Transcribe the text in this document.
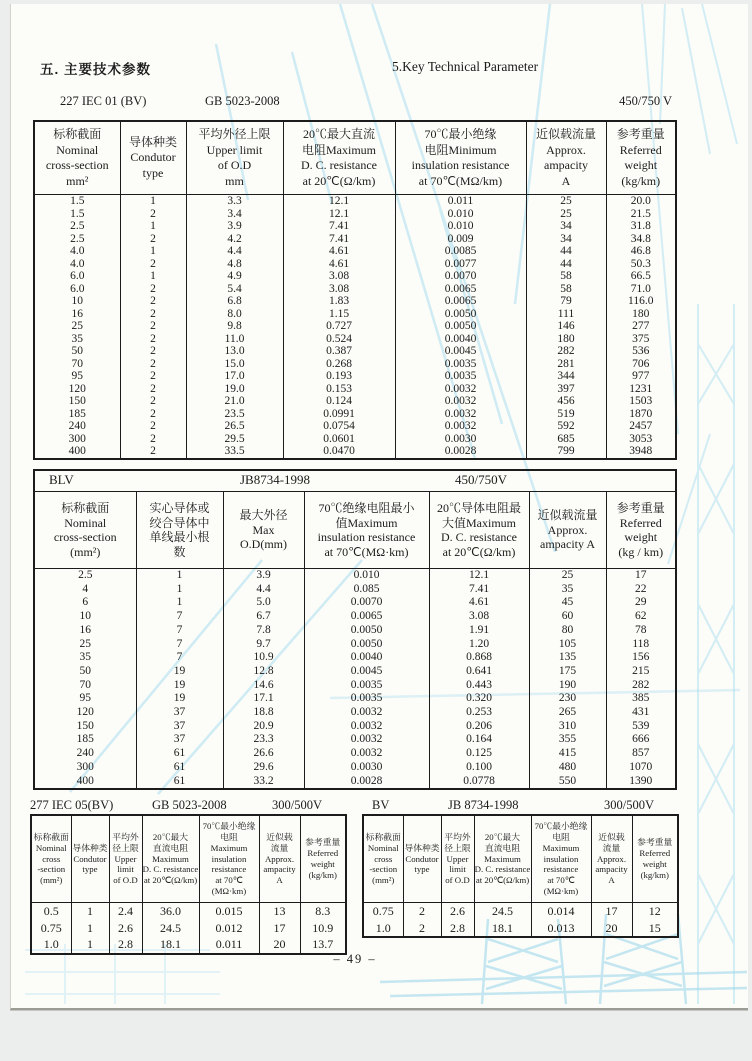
五. 主要技术参数	5.Key Technical Parameter
227 IEC 01 (BV)	GB 5023-2008	450/750 V
标称截面
Nominal
cross-section
mm²	导体种类
Condutor
type	平均外径上限
Upper limit
of O.D
mm	20℃最大直流
电阻Maximum
D. C. resistance
at 20℃(Ω/km)	70℃最小绝缘
电阻Minimum
insulation resistance
at 70℃(MΩ/km)	近似载流量
Approx.
ampacity
A	参考重量
Referred
weight
(kg/km)
1.5	1	3.3	12.1	0.011	25	20.0
1.5	2	3.4	12.1	0.010	25	21.5
2.5	1	3.9	7.41	0.010	34	31.8
2.5	2	4.2	7.41	0.009	34	34.8
4.0	1	4.4	4.61	0.0085	44	46.8
4.0	2	4.8	4.61	0.0077	44	50.3
6.0	1	4.9	3.08	0.0070	58	66.5
6.0	2	5.4	3.08	0.0065	58	71.0
10	2	6.8	1.83	0.0065	79	116.0
16	2	8.0	1.15	0.0050	111	180
25	2	9.8	0.727	0.0050	146	277
35	2	11.0	0.524	0.0040	180	375
50	2	13.0	0.387	0.0045	282	536
70	2	15.0	0.268	0.0035	281	706
95	2	17.0	0.193	0.0035	344	977
120	2	19.0	0.153	0.0032	397	1231
150	2	21.0	0.124	0.0032	456	1503
185	2	23.5	0.0991	0.0032	519	1870
240	2	26.5	0.0754	0.0032	592	2457
300	2	29.5	0.0601	0.0030	685	3053
400	2	33.5	0.0470	0.0028	799	3948
BLV JB8734-1998 450/750V						

标称截面
Nominal
cross-section
(mm²)	实心导体或
绞合导体中
单线最小根
数	最大外径
Max
O.D(mm)	70℃绝缘电阻最小
值Maximum
insulation resistance
at 70℃(MΩ·km)	20℃导体电阻最
大值Maximum
D. C. resistance
at 20℃(Ω/km)	近似载流量
Approx.
ampacity A	参考重量
Referred
weight
(kg / km)
2.5	1	3.9	0.010	12.1	25	17
4	1	4.4	0.085	7.41	35	22
6	1	5.0	0.0070	4.61	45	29
10	7	6.7	0.0065	3.08	60	62
16	7	7.8	0.0050	1.91	80	78
25	7	9.7	0.0050	1.20	105	118
35	7	10.9	0.0040	0.868	135	156
50	19	12.8	0.0045	0.641	175	215
70	19	14.6	0.0035	0.443	190	282
95	19	17.1	0.0035	0.320	230	385
120	37	18.8	0.0032	0.253	265	431
150	37	20.9	0.0032	0.206	310	539
185	37	23.3	0.0032	0.164	355	666
240	61	26.6	0.0032	0.125	415	857
300	61	29.6	0.0030	0.100	480	1070
400	61	33.2	0.0028	0.0778	550	1390
277 IEC 05(BV)	GB 5023-2008	300/500V	BV	JB 8734-1998	300/500V
标称截面
Nominal
cross
-section
(mm²)	导体种类
Condutor
type	平均外
径上限
Upper
limit
of O.D	20℃最大
直流电阻
Maximum
D. C. resistance
at 20℃(Ω/km)	70℃最小绝缘
电阻
Maximum
insulation resistance
at 70℃(MΩ·km)	近似载
流量
Approx.
ampacity
A	参考重量
Referred
weight
(kg/km)
0.5	1	2.4	36.0	0.015	13	8.3
0.75	1	2.6	24.5	0.012	17	10.9
1.0	1	2.8	18.1	0.011	20	13.7
标称截面
Nominal
cross
-section
(mm²)	导体种类
Condutor
type	平均外
径上限
Upper
limit
of O.D	20℃最大
直流电阻
Maximum
D. C. resistance
at 20℃(Ω/km)	70℃最小绝缘
电阻
Maximum
insulation resistance
at 70℃(MΩ·km)	近似载
流量
Approx.
ampacity
A	参考重量
Referred
weight
(kg/km)
0.75	2	2.6	24.5	0.014	17	12
1.0	2	2.8	18.1	0.013	20	15
– 49 –
